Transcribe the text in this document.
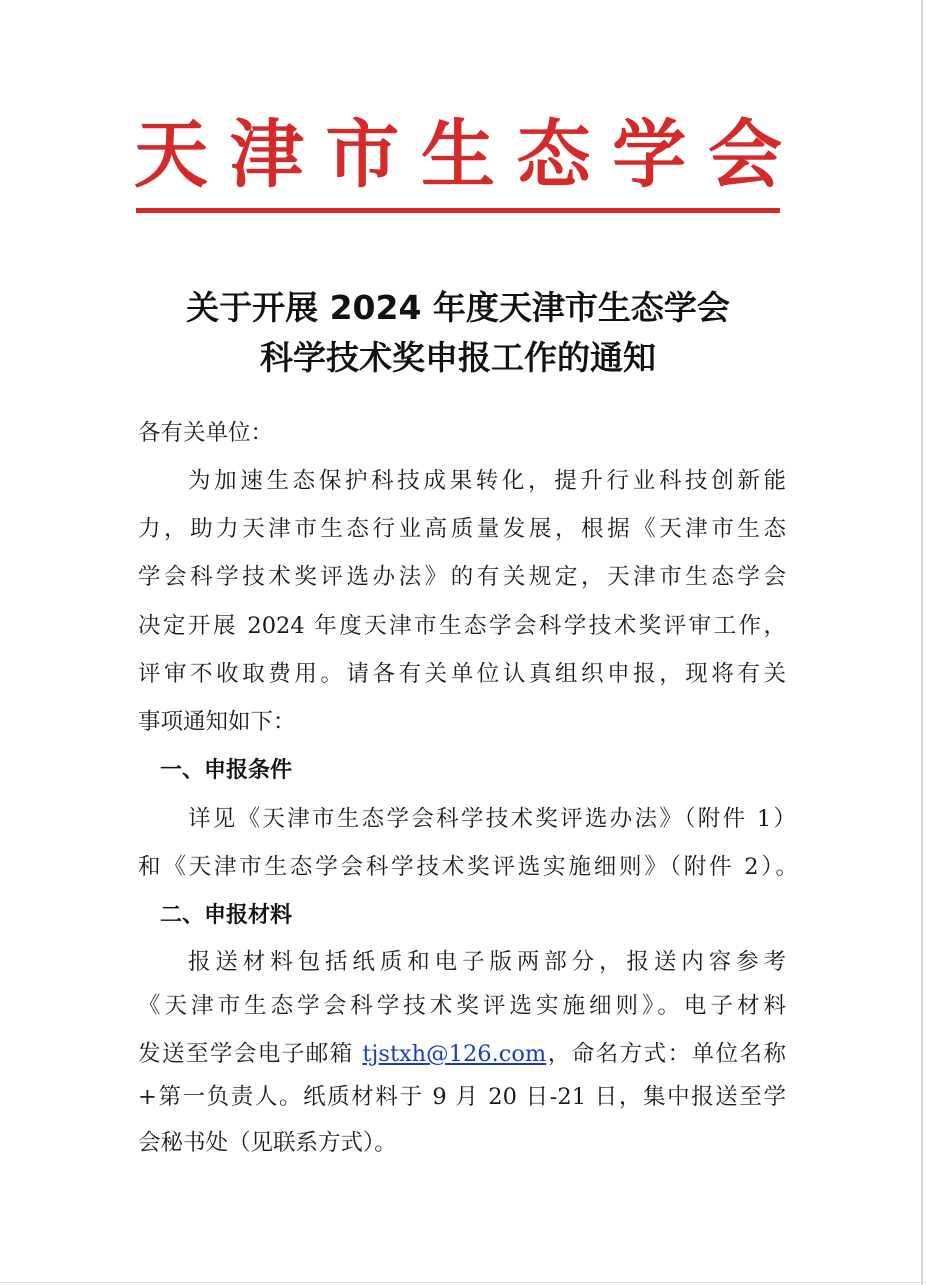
天 津 市 生 态 学 会
关于开展 2024 年度天津市生态学会
科学技术奖申报工作的通知
各有关单位：
为加速生态保护科技成果转化，提升行业科技创新能
力，助力天津市生态行业高质量发展，根据《天津市生态
学会科学技术奖评选办法》的有关规定，天津市生态学会
决定开展 2024 年度天津市生态学会科学技术奖评审工作，
评审不收取费用。请各有关单位认真组织申报，现将有关
事项通知如下：
一、申报条件
详见《天津市生态学会科学技术奖评选办法》（附件 1）
和《天津市生态学会科学技术奖评选实施细则》（附件 2）。
二、申报材料
报送材料包括纸质和电子版两部分，报送内容参考
《天津市生态学会科学技术奖评选实施细则》。电子材料
发送至学会电子邮箱 tjstxh@126.com，命名方式：单位名称
+第一负责人。纸质材料于 9 月 20 日-21 日，集中报送至学
会秘书处（见联系方式）。
